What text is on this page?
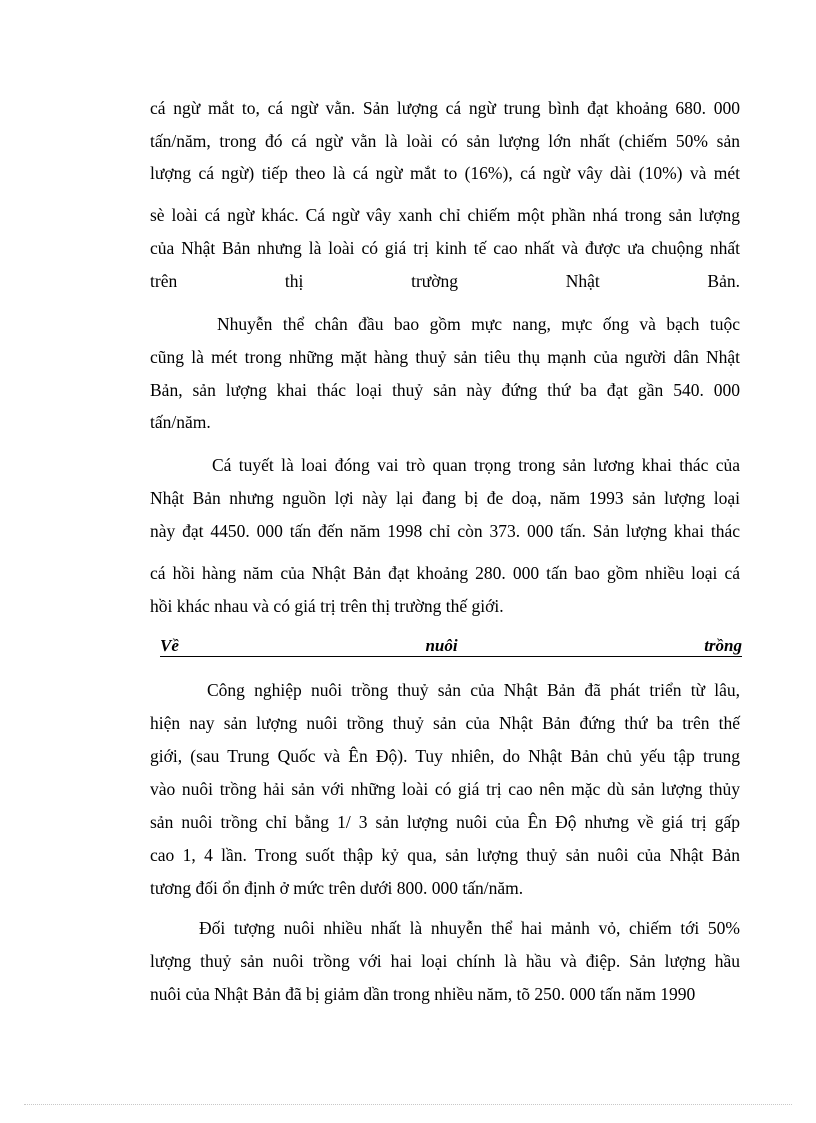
cá ngừ mắt to, cá ngừ vằn. Sản lượng cá ngừ trung bình đạt khoảng 680. 000
tấn/năm, trong đó cá ngừ vằn là loài có sản lượng lớn nhất (chiếm 50% sản
lượng cá ngừ) tiếp theo là cá ngừ mắt to (16%), cá ngừ vây dài (10%) và mét
sè loài cá ngừ khác. Cá ngừ vây xanh chỉ chiếm một phần nhá trong sản lượng
của Nhật Bản nhưng là loài có giá trị kinh tế cao nhất và được ưa chuộng nhất
trên thị trường Nhật Bản.
Nhuyễn thể chân đầu bao gồm mực nang, mực ống và bạch tuộc
cũng là mét trong những mặt hàng thuỷ sản tiêu thụ mạnh của người dân Nhật
Bản, sản lượng khai thác loại thuỷ sản này đứng thứ ba đạt gần 540. 000
tấn/năm.
Cá tuyết là loai đóng vai trò quan trọng trong sản lương khai thác của
Nhật Bản nhưng nguồn lợi này lại đang bị đe doạ, năm 1993 sản lượng loại
này đạt 4450. 000 tấn đến năm 1998 chỉ còn 373. 000 tấn. Sản lượng khai thác
cá hồi hàng năm của Nhật Bản đạt khoảng 280. 000 tấn bao gồm nhiều loại cá
hồi khác nhau và có giá trị trên thị trường thế giới.
Về	nuôi	trồng
Công nghiệp nuôi trồng thuỷ sản của Nhật Bản đã phát triển từ lâu,
hiện nay sản lượng nuôi trồng thuỷ sản của Nhật Bản đứng thứ ba trên thế
giới, (sau Trung Quốc và Ên Độ). Tuy nhiên, do Nhật Bản chủ yếu tập trung
vào nuôi trồng hải sản với những loài có giá trị cao nên mặc dù sản lượng thủy
sản nuôi trồng chỉ bằng 1/ 3 sản lượng nuôi của Ên Độ nhưng về giá trị gấp
cao 1, 4 lần. Trong suốt thập kỷ qua, sản lượng thuỷ sản nuôi của Nhật Bản
tương đối ổn định ở mức trên dưới 800. 000 tấn/năm.
Đối tượng nuôi nhiều nhất là nhuyễn thể hai mảnh vỏ, chiếm tới 50%
lượng thuỷ sản nuôi trồng với hai loại chính là hầu và điệp. Sản lượng hầu
nuôi của Nhật Bản đã bị giảm dần trong nhiều năm, tõ 250. 000 tấn năm 1990
